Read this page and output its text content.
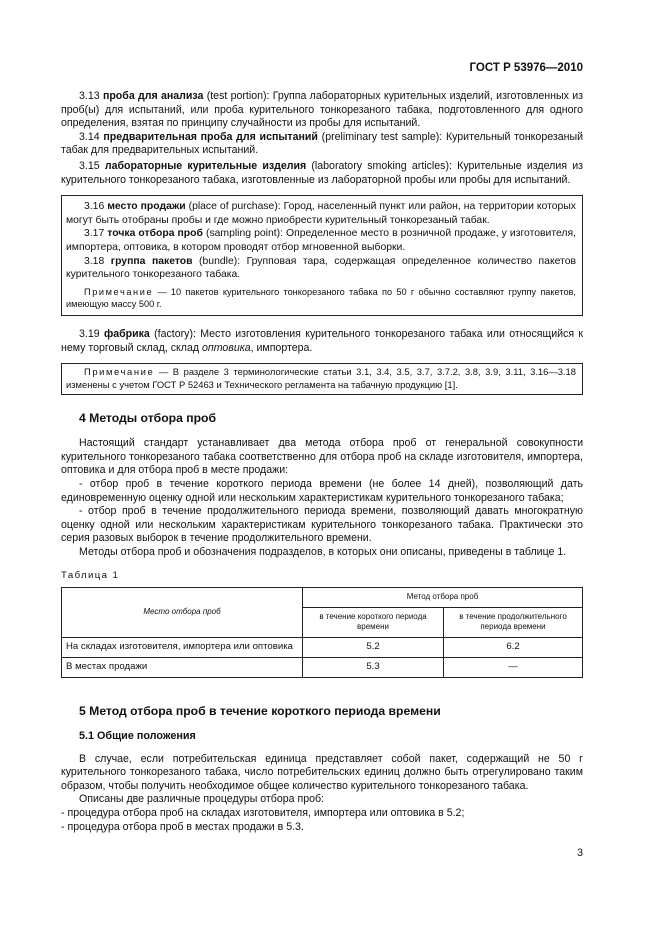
ГОСТ Р 53976—2010

3.13 проба для анализа (test portion): Группа лабораторных курительных изделий, изготовленных из проб(ы) для испытаний, или проба курительного тонкорезаного табака, подготовленного для одного определения, взятая по принципу случайности из пробы для испытаний.

3.14 предварительная проба для испытаний (preliminary test sample): Курительный тонкорезаный табак для предварительных испытаний.

3.15 лабораторные курительные изделия (laboratory smoking articles): Курительные изделия из курительного тонкорезаного табака, изготовленные из лабораторной пробы или пробы для испытаний.

3.16 место продажи (place of purchase): Город, населенный пункт или район, на территории которых могут быть отобраны пробы и где можно приобрести курительный тонкорезаный табак.

3.17 точка отбора проб (sampling point): Определенное место в розничной продаже, у изготовителя, импортера, оптовика, в котором проводят отбор мгновенной выборки.

3.18 группа пакетов (bundle): Групповая тара, содержащая определенное количество пакетов курительного тонкорезаного табака.

Примечание — 10 пакетов курительного тонкорезаного табака по 50 г обычно составляют группу пакетов, имеющую массу 500 г.

3.19 фабрика (factory): Место изготовления курительного тонкорезаного табака или относящийся к нему торговый склад, склад оптовика, импортера.

Примечание — В разделе 3 терминологические статьи 3.1, 3.4, 3.5, 3.7, 3.7.2, 3.8, 3.9, 3.11, 3.16—3.18 изменены с учетом ГОСТ Р 52463 и Технического регламента на табачную продукцию [1].

4 Методы отбора проб

Настоящий стандарт устанавливает два метода отбора проб от генеральной совокупности курительного тонкорезаного табака соответственно для отбора проб на складе изготовителя, импортера, оптовика и для отбора проб в месте продажи:

- отбор проб в течение короткого периода времени (не более 14 дней), позволяющий дать единовременную оценку одной или нескольким характеристикам курительного тонкорезаного табака;

- отбор проб в течение продолжительного периода времени, позволяющий давать многократную оценку одной или нескольким характеристикам курительного тонкорезаного табака. Практически это серия разовых выборок в течение продолжительного времени.

Методы отбора проб и обозначения подразделов, в которых они описаны, приведены в таблице 1.

Таблица 1
Место отбора проб	Метод отбора проб	
	в течение короткого периода времени	в течение продолжительного периода времени
На складах изготовителя, импортера или оптовика	5.2	6.2
В местах продажи	5.3	—
5 Метод отбора проб в течение короткого периода времени
5.1 Общие положения

В случае, если потребительская единица представляет собой пакет, содержащий не 50 г курительного тонкорезаного табака, число потребительских единиц должно быть отрегулировано таким образом, чтобы получить необходимое общее количество курительного тонкорезаного табака.

Описаны две различные процедуры отбора проб:

- процедура отбора проб на складах изготовителя, импортера или оптовика в 5.2;

- процедура отбора проб в местах продажи в 5.3.

3
